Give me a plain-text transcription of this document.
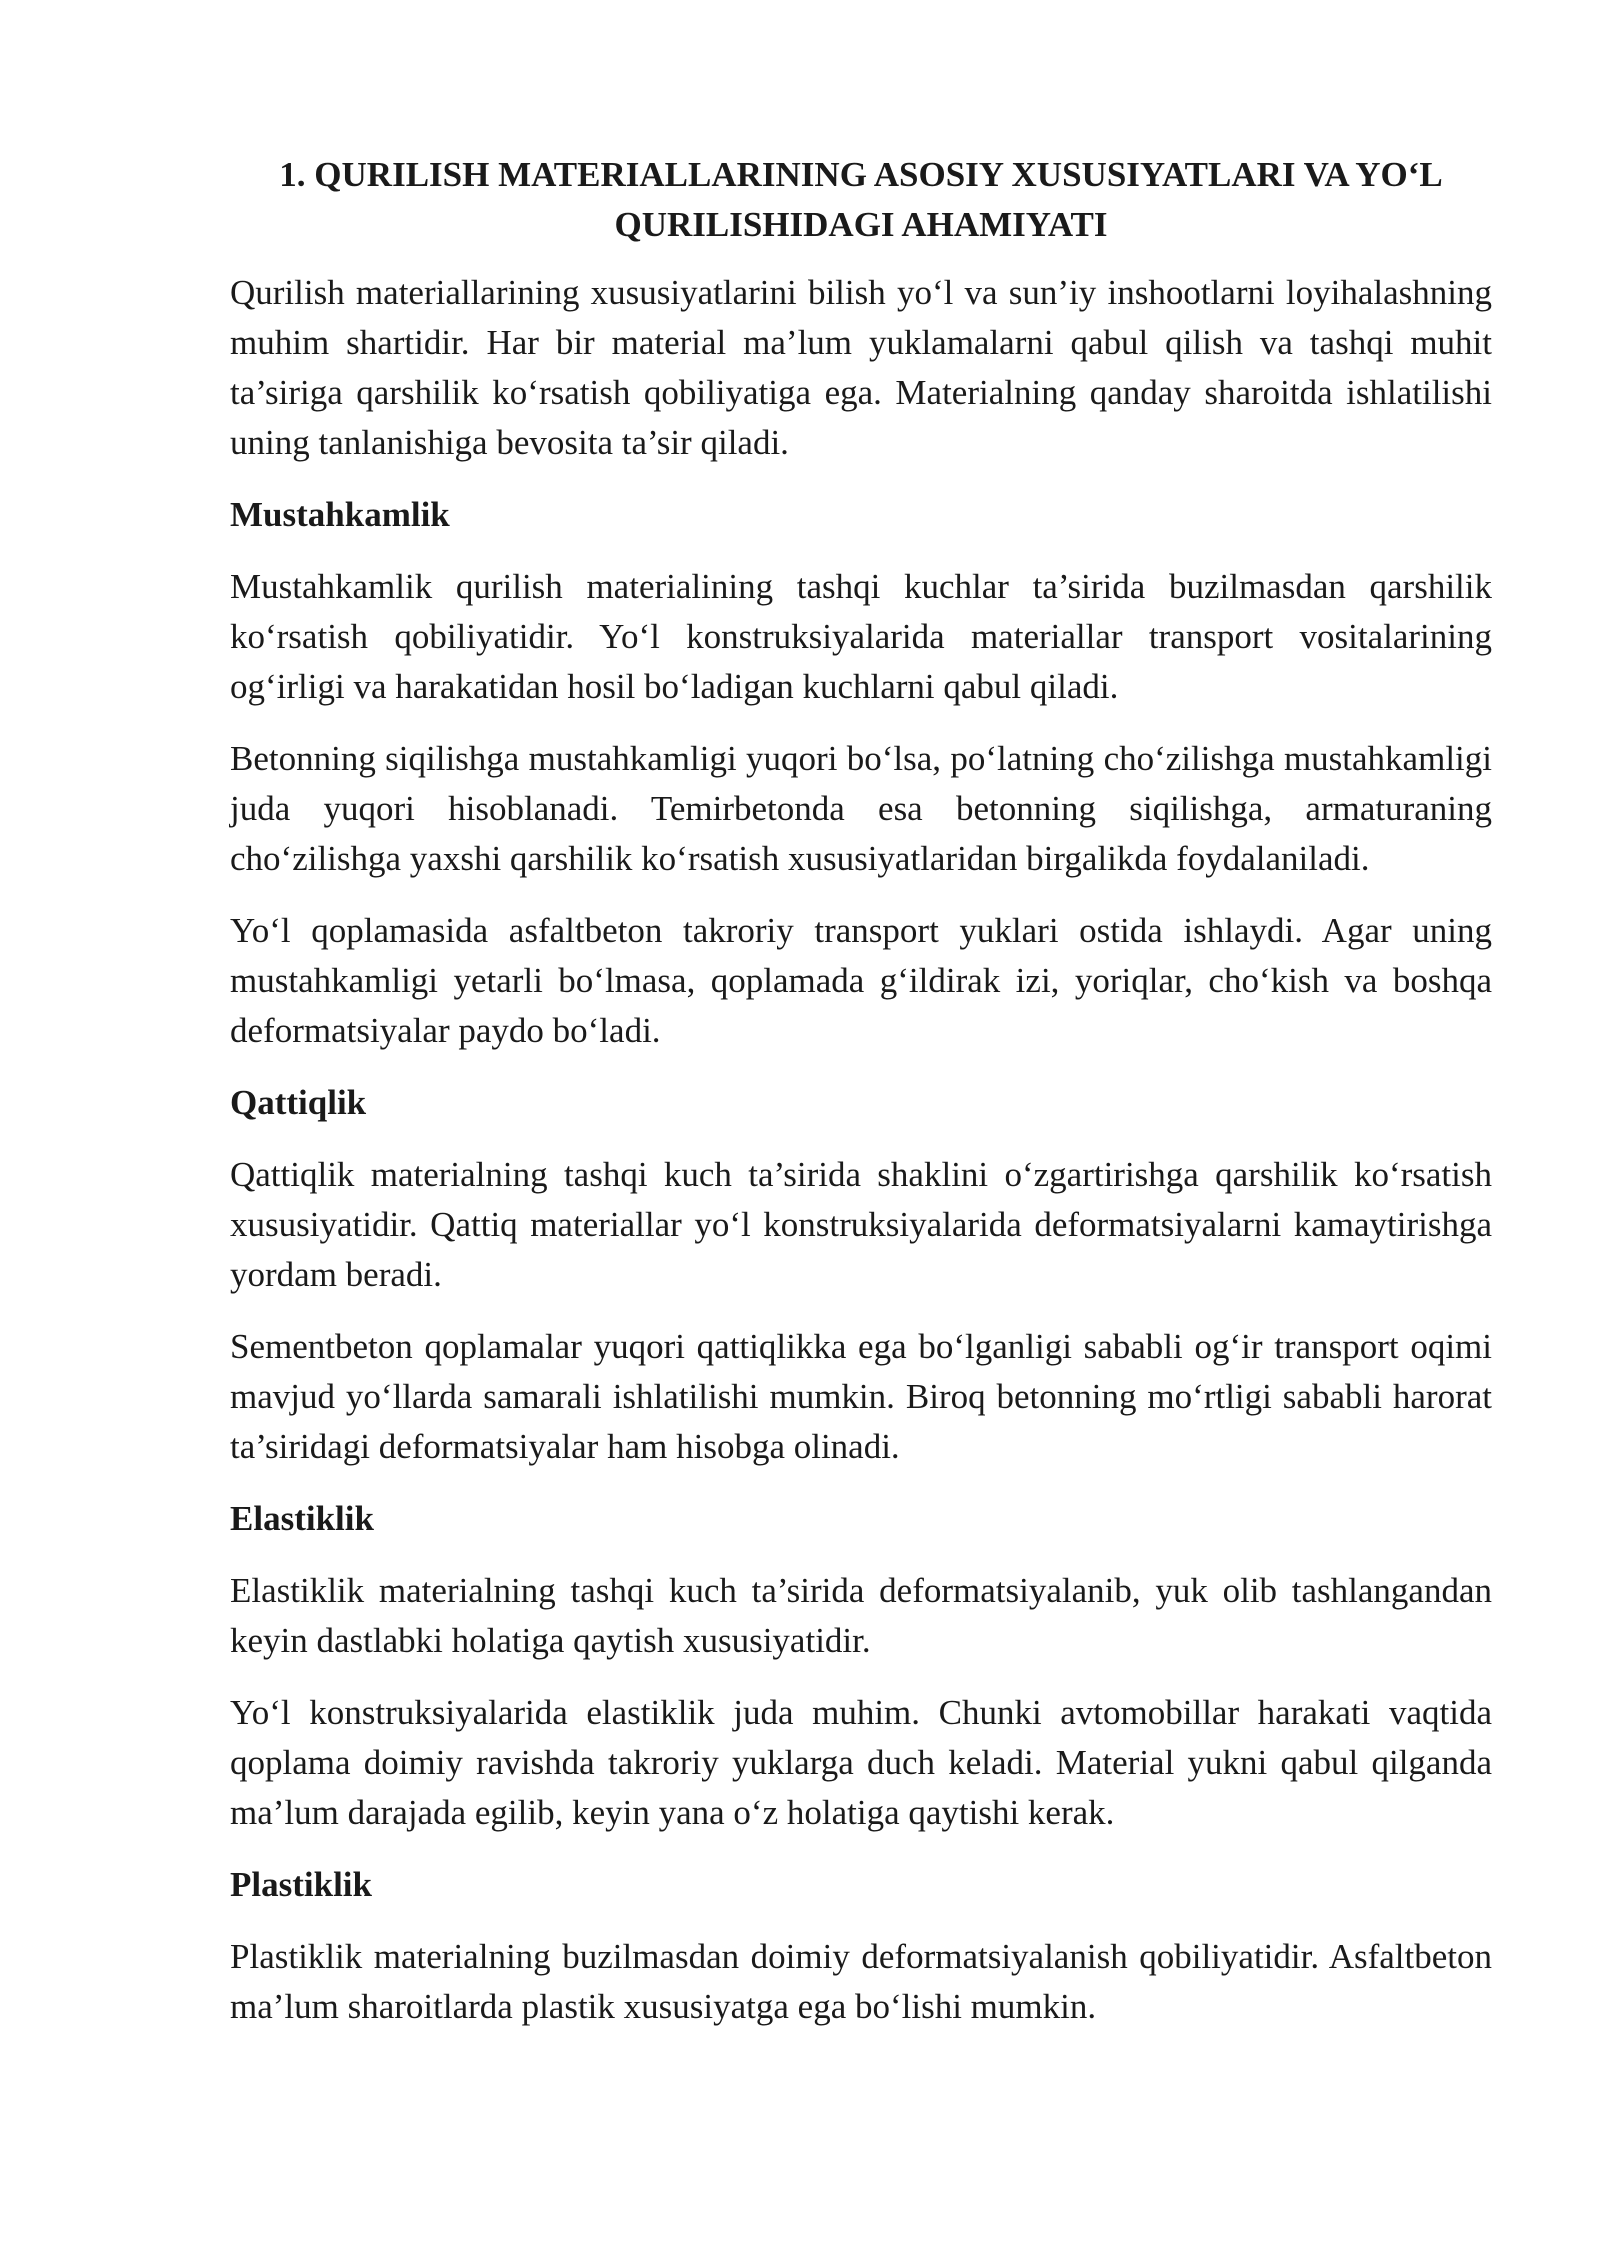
1. QURILISH MATERIALLARINING ASOSIY XUSUSIYATLARI VA YO‘L QURILISHIDAGI AHAMIYATI

Qurilish materiallarining xususiyatlarini bilish yo‘l va sun’iy inshootlarni loyihalashning muhim shartidir. Har bir material ma’lum yuklamalarni qabul qilish va tashqi muhit ta’siriga qarshilik ko‘rsatish qobiliyatiga ega. Materialning qanday sharoitda ishlatilishi uning tanlanishiga bevosita ta’sir qiladi.

Mustahkamlik

Mustahkamlik qurilish materialining tashqi kuchlar ta’sirida buzilmasdan qarshilik ko‘rsatish qobiliyatidir. Yo‘l konstruksiyalarida materiallar transport vositalarining og‘irligi va harakatidan hosil bo‘ladigan kuchlarni qabul qiladi.

Betonning siqilishga mustahkamligi yuqori bo‘lsa, po‘latning cho‘zilishga mustahkamligi juda yuqori hisoblanadi. Temirbetonda esa betonning siqilishga, armaturaning cho‘zilishga yaxshi qarshilik ko‘rsatish xususiyatlaridan birgalikda foydalaniladi.

Yo‘l qoplamasida asfaltbeton takroriy transport yuklari ostida ishlaydi. Agar uning mustahkamligi yetarli bo‘lmasa, qoplamada g‘ildirak izi, yoriqlar, cho‘kish va boshqa deformatsiyalar paydo bo‘ladi.

Qattiqlik

Qattiqlik materialning tashqi kuch ta’sirida shaklini o‘zgartirishga qarshilik ko‘rsatish xususiyatidir. Qattiq materiallar yo‘l konstruksiyalarida deformatsiyalarni kamaytirishga yordam beradi.

Sementbeton qoplamalar yuqori qattiqlikka ega bo‘lganligi sababli og‘ir transport oqimi mavjud yo‘llarda samarali ishlatilishi mumkin. Biroq betonning mo‘rtligi sababli harorat ta’siridagi deformatsiyalar ham hisobga olinadi.

Elastiklik

Elastiklik materialning tashqi kuch ta’sirida deformatsiyalanib, yuk olib tashlangandan keyin dastlabki holatiga qaytish xususiyatidir.

Yo‘l konstruksiyalarida elastiklik juda muhim. Chunki avtomobillar harakati vaqtida qoplama doimiy ravishda takroriy yuklarga duch keladi. Material yukni qabul qilganda ma’lum darajada egilib, keyin yana o‘z holatiga qaytishi kerak.

Plastiklik

Plastiklik materialning buzilmasdan doimiy deformatsiyalanish qobiliyatidir. Asfaltbeton ma’lum sharoitlarda plastik xususiyatga ega bo‘lishi mumkin.
